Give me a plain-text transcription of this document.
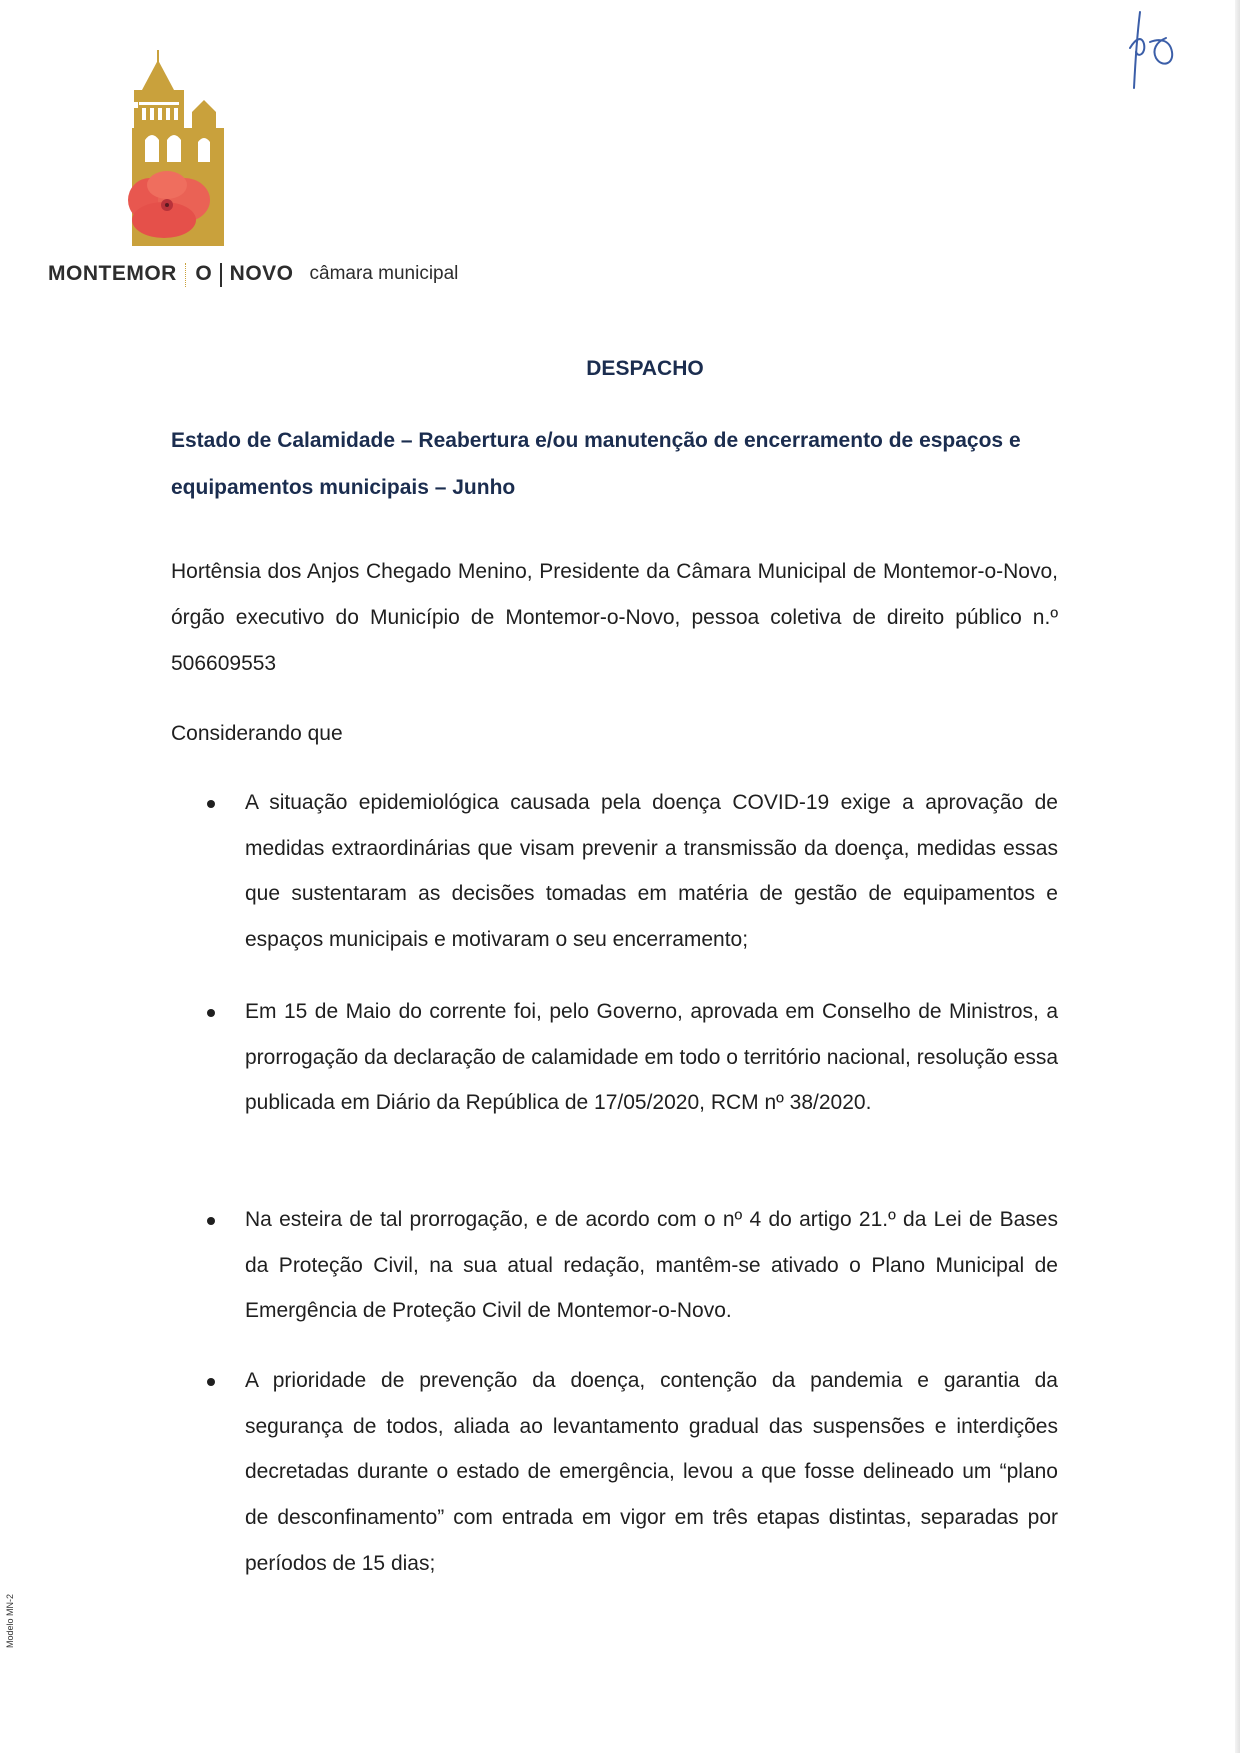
MONTEMOR O NOVO câmara municipal
DESPACHO

Estado de Calamidade – Reabertura e/ou manutenção de encerramento de espaços e equipamentos municipais – Junho

Hortênsia dos Anjos Chegado Menino, Presidente da Câmara Municipal de Montemor-o-Novo, órgão executivo do Município de Montemor-o-Novo, pessoa coletiva de direito público n.º 506609553

Considerando que

A situação epidemiológica causada pela doença COVID-19 exige a aprovação de medidas extraordinárias que visam prevenir a transmissão da doença, medidas essas que sustentaram as decisões tomadas em matéria de gestão de equipamentos e espaços municipais e motivaram o seu encerramento;

Em 15 de Maio do corrente foi, pelo Governo, aprovada em Conselho de Ministros, a prorrogação da declaração de calamidade em todo o território nacional, resolução essa publicada em Diário da República de 17/05/2020, RCM nº 38/2020.

Na esteira de tal prorrogação, e de acordo com o nº 4 do artigo 21.º da Lei de Bases da Proteção Civil, na sua atual redação, mantêm-se ativado o Plano Municipal de Emergência de Proteção Civil de Montemor-o-Novo.

A prioridade de prevenção da doença, contenção da pandemia e garantia da segurança de todos, aliada ao levantamento gradual das suspensões e interdições decretadas durante o estado de emergência, levou a que fosse delineado um “plano de desconfinamento” com entrada em vigor em três etapas distintas, separadas por períodos de 15 dias;

Modelo MN-2
